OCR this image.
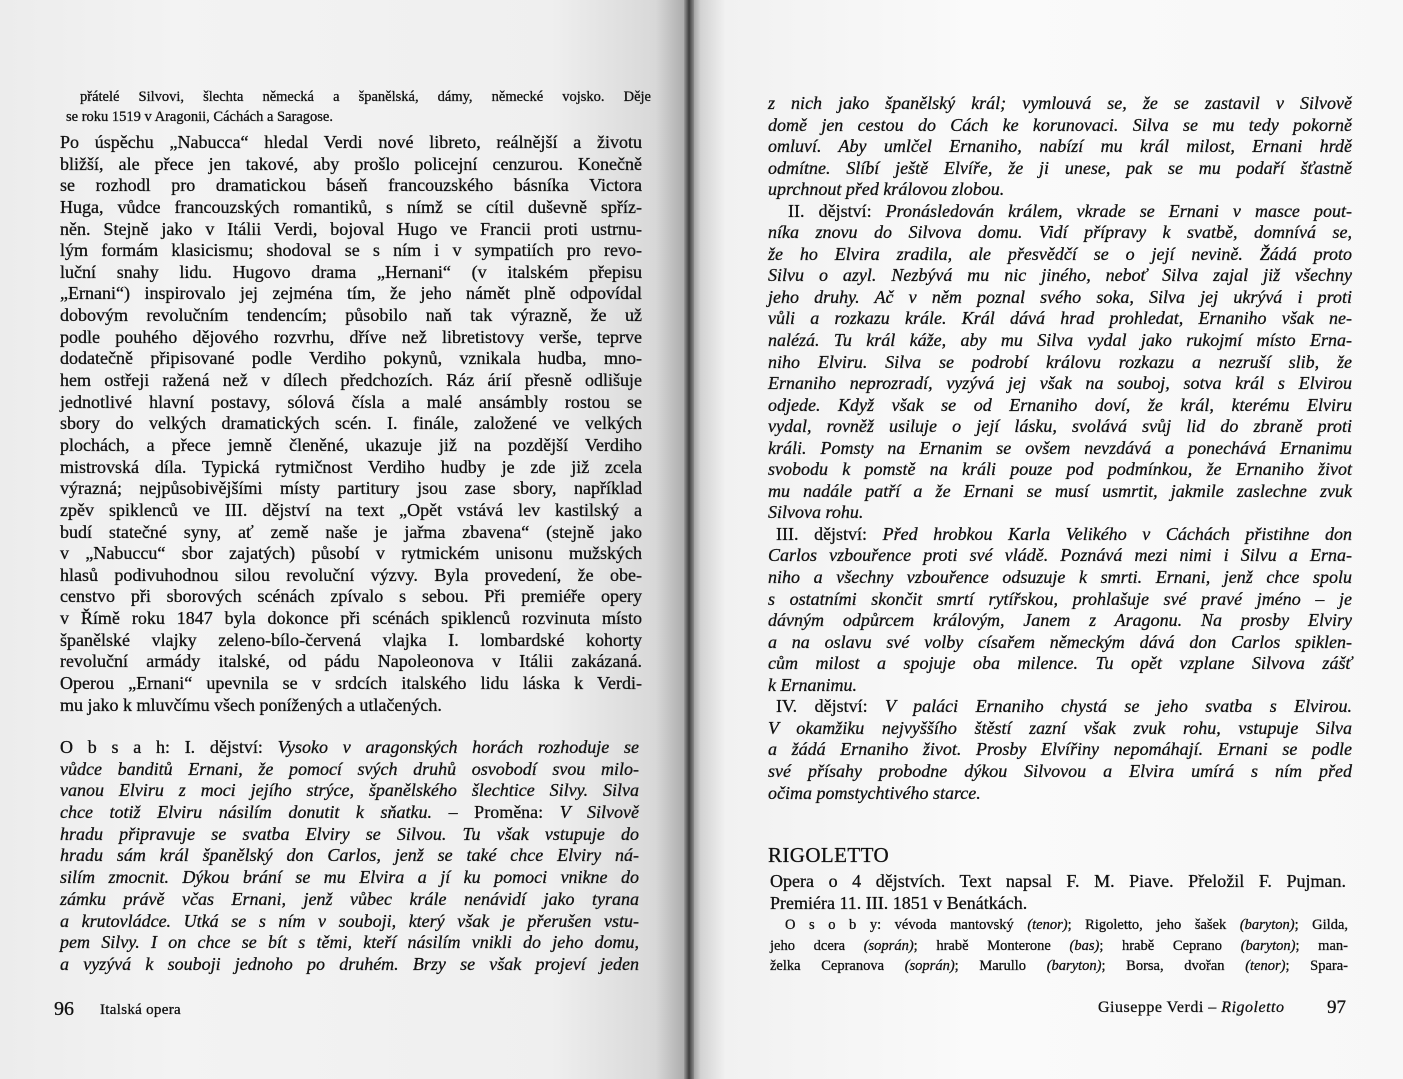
přátelé Silvovi, šlechta německá a španělská, dámy, německé vojsko. Děje
se roku 1519 v Aragonii, Cáchách a Saragose.
Po úspěchu „Nabucca“ hledal Verdi nové libreto, reálnější a životu
bližší, ale přece jen takové, aby prošlo policejní cenzurou. Konečně
se rozhodl pro dramatickou báseň francouzského básníka Victora
Huga, vůdce francouzských romantiků, s nímž se cítil duševně spříz-
něn. Stejně jako v Itálii Verdi, bojoval Hugo ve Francii proti ustrnu-
lým formám klasicismu; shodoval se s ním i v sympatiích pro revo-
luční snahy lidu. Hugovo drama „Hernani“ (v italském přepisu
„Ernani“) inspirovalo jej zejména tím, že jeho námět plně odpovídal
dobovým revolučním tendencím; působilo naň tak výrazně, že už
podle pouhého dějového rozvrhu, dříve než libretistovy verše, teprve
dodatečně připisované podle Verdiho pokynů, vznikala hudba, mno-
hem ostřeji ražená než v dílech předchozích. Ráz árií přesně odlišuje
jednotlivé hlavní postavy, sólová čísla a malé ansámbly rostou se
sbory do velkých dramatických scén. I. finále, založené ve velkých
plochách, a přece jemně členěné, ukazuje již na pozdější Verdiho
mistrovská díla. Typická rytmičnost Verdiho hudby je zde již zcela
výrazná; nejpůsobivějšími místy partitury jsou zase sbory, například
zpěv spiklenců ve III. dějství na text „Opět vstává lev kastilský a
budí statečné syny, ať země naše je jařma zbavena“ (stejně jako
v „Nabuccu“ sbor zajatých) působí v rytmickém unisonu mužských
hlasů podivuhodnou silou revoluční výzvy. Byla provedení, že obe-
censtvo při sborových scénách zpívalo s sebou. Při premiéře opery
v Římě roku 1847 byla dokonce při scénách spiklenců rozvinuta místo
španělské vlajky zeleno-bílo-červená vlajka I. lombardské kohorty
revoluční armády italské, od pádu Napoleonova v Itálii zakázaná.
Operou „Ernani“ upevnila se v srdcích italského lidu láska k Verdi-
mu jako k mluvčímu všech ponížených a utlačených.
O b s a h: I. dějství: Vysoko v aragonských horách rozhoduje se
vůdce banditů Ernani, že pomocí svých druhů osvobodí svou milo-
vanou Elviru z moci jejího strýce, španělského šlechtice Silvy. Silva
chce totiž Elviru násilím donutit k sňatku. – Proměna: V Silvově
hradu připravuje se svatba Elviry se Silvou. Tu však vstupuje do
hradu sám král španělský don Carlos, jenž se také chce Elviry ná-
silím zmocnit. Dýkou brání se mu Elvira a jí ku pomoci vnikne do
zámku právě včas Ernani, jenž vůbec krále nenávidí jako tyrana
a krutovládce. Utká se s ním v souboji, který však je přerušen vstu-
pem Silvy. I on chce se bít s těmi, kteří násilím vnikli do jeho domu,
a vyzývá k souboji jednoho po druhém. Brzy se však projeví jeden
96 Italská opera
z nich jako španělský král; vymlouvá se, že se zastavil v Silvově
domě jen cestou do Cách ke korunovaci. Silva se mu tedy pokorně
omluví. Aby umlčel Ernaniho, nabízí mu král milost, Ernani hrdě
odmítne. Slíbí ještě Elvíře, že ji unese, pak se mu podaří šťastně
uprchnout před královou zlobou.
II. dějství: Pronásledován králem, vkrade se Ernani v masce pout-
níka znovu do Silvova domu. Vidí přípravy k svatbě, domnívá se,
že ho Elvira zradila, ale přesvědčí se o její nevině. Žádá proto
Silvu o azyl. Nezbývá mu nic jiného, neboť Silva zajal již všechny
jeho druhy. Ač v něm poznal svého soka, Silva jej ukrývá i proti
vůli a rozkazu krále. Král dává hrad prohledat, Ernaniho však ne-
nalézá. Tu král káže, aby mu Silva vydal jako rukojmí místo Erna-
niho Elviru. Silva se podrobí královu rozkazu a nezruší slib, že
Ernaniho neprozradí, vyzývá jej však na souboj, sotva král s Elvirou
odjede. Když však se od Ernaniho doví, že král, kterému Elviru
vydal, rovněž usiluje o její lásku, svolává svůj lid do zbraně proti
králi. Pomsty na Ernanim se ovšem nevzdává a ponechává Ernanimu
svobodu k pomstě na králi pouze pod podmínkou, že Ernaniho život
mu nadále patří a že Ernani se musí usmrtit, jakmile zaslechne zvuk
Silvova rohu.
III. dějství: Před hrobkou Karla Velikého v Cáchách přistihne don
Carlos vzbouřence proti své vládě. Poznává mezi nimi i Silvu a Erna-
niho a všechny vzbouřence odsuzuje k smrti. Ernani, jenž chce spolu
s ostatními skončit smrtí rytířskou, prohlašuje své pravé jméno – je
dávným odpůrcem královým, Janem z Aragonu. Na prosby Elviry
a na oslavu své volby císařem německým dává don Carlos spiklen-
cům milost a spojuje oba milence. Tu opět vzplane Silvova zášť
k Ernanimu.
IV. dějství: V paláci Ernaniho chystá se jeho svatba s Elvirou.
V okamžiku nejvyššího štěstí zazní však zvuk rohu, vstupuje Silva
a žádá Ernaniho život. Prosby Elvířiny nepomáhají. Ernani se podle
své přísahy probodne dýkou Silvovou a Elvira umírá s ním před
očima pomstychtivého starce.
RIGOLETTO
Opera o 4 dějstvích. Text napsal F. M. Piave. Přeložil F. Pujman.
Premiéra 11. III. 1851 v Benátkách.
O s o b y: vévoda mantovský (tenor); Rigoletto, jeho šašek (baryton); Gilda,
jeho dcera (soprán); hrabě Monterone (bas); hrabě Ceprano (baryton); man-
želka Cepranova (soprán); Marullo (baryton); Borsa, dvořan (tenor); Spara-
Giuseppe Verdi – Rigoletto 97
